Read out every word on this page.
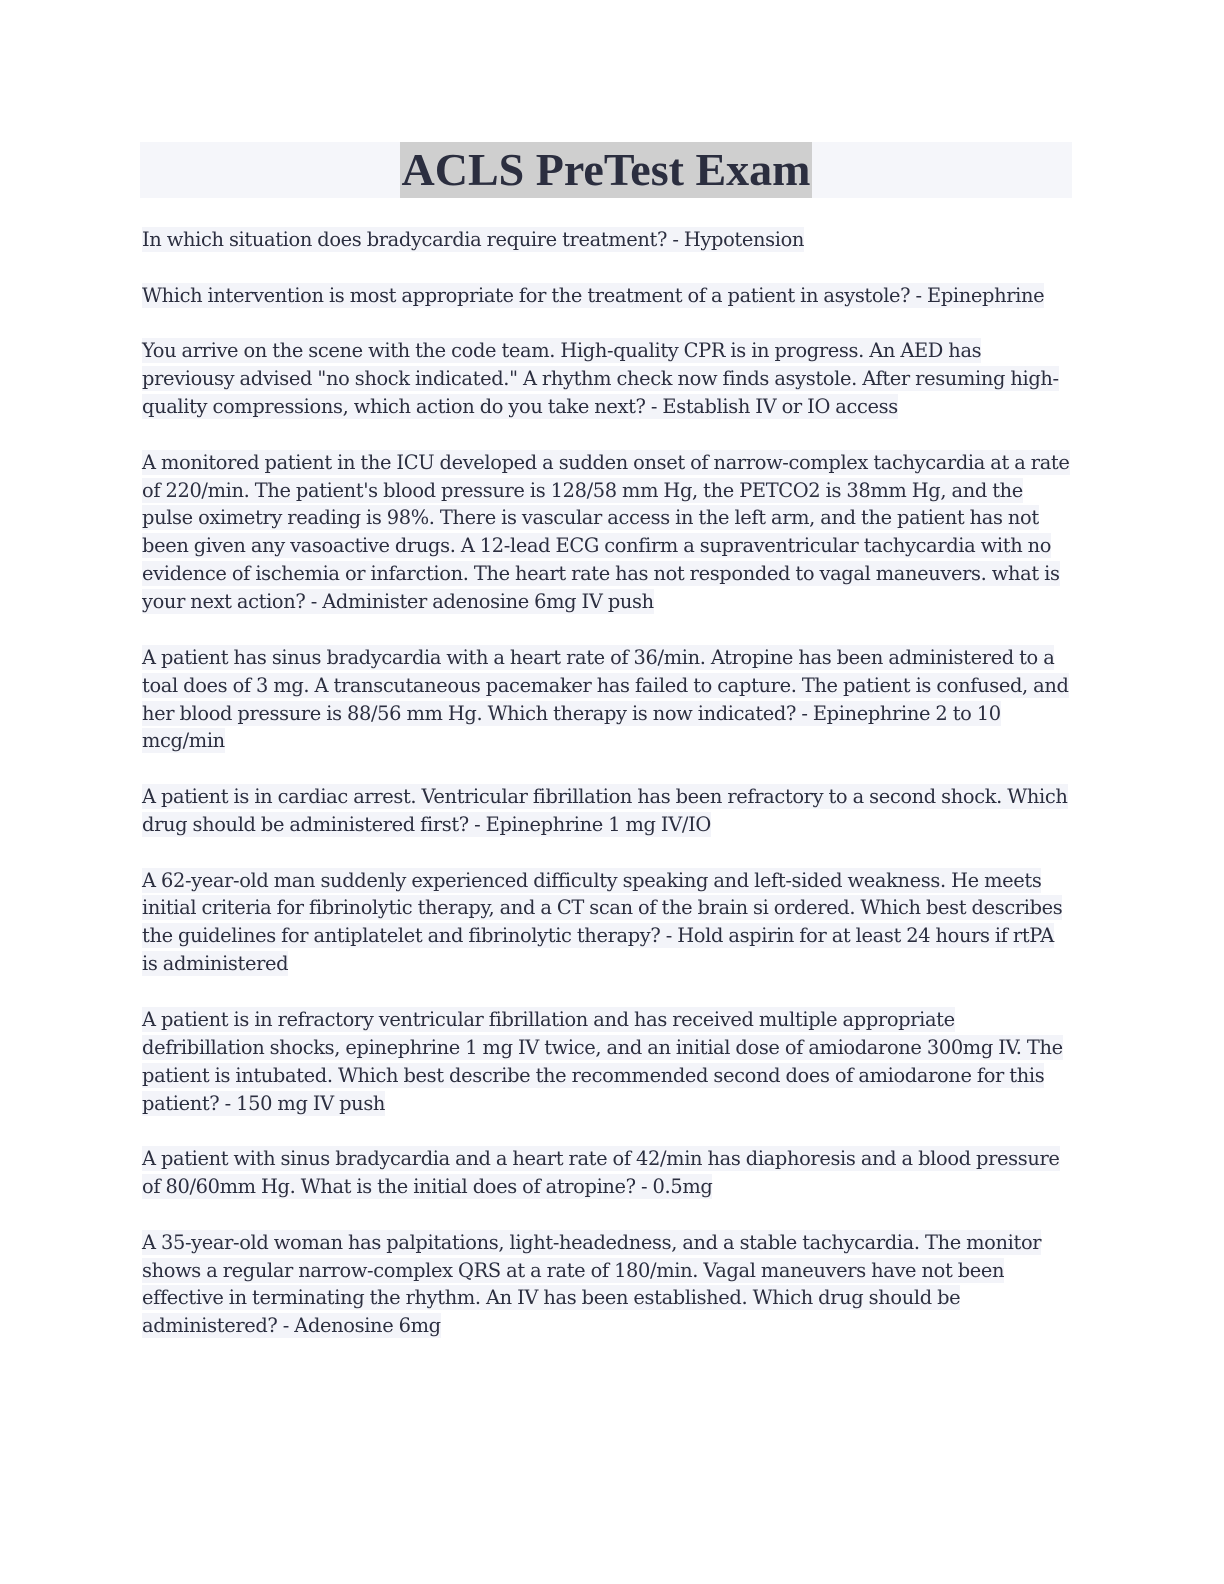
ACLS PreTest Exam

In which situation does bradycardia require treatment? - Hypotension

Which intervention is most appropriate for the treatment of a patient in asystole? - Epinephrine

You arrive on the scene with the code team. High-quality CPR is in progress. An AED has previousy advised "no shock indicated." A rhythm check now finds asystole. After resuming high-quality compressions, which action do you take next? - Establish IV or IO access

A monitored patient in the ICU developed a sudden onset of narrow-complex tachycardia at a rate of 220/min. The patient's blood pressure is 128/58 mm Hg, the PETCO2 is 38mm Hg, and the pulse oximetry reading is 98%. There is vascular access in the left arm, and the patient has not been given any vasoactive drugs. A 12-lead ECG confirm a supraventricular tachycardia with no evidence of ischemia or infarction. The heart rate has not responded to vagal maneuvers. what is your next action? - Administer adenosine 6mg IV push

A patient has sinus bradycardia with a heart rate of 36/min. Atropine has been administered to a toal does of 3 mg. A transcutaneous pacemaker has failed to capture. The patient is confused, and her blood pressure is 88/56 mm Hg. Which therapy is now indicated? - Epinephrine 2 to 10 mcg/min

A patient is in cardiac arrest. Ventricular fibrillation has been refractory to a second shock. Which drug should be administered first? - Epinephrine 1 mg IV/IO

A 62-year-old man suddenly experienced difficulty speaking and left-sided weakness. He meets initial criteria for fibrinolytic therapy, and a CT scan of the brain si ordered. Which best describes the guidelines for antiplatelet and fibrinolytic therapy? - Hold aspirin for at least 24 hours if rtPA is administered

A patient is in refractory ventricular fibrillation and has received multiple appropriate defribillation shocks, epinephrine 1 mg IV twice, and an initial dose of amiodarone 300mg IV. The patient is intubated. Which best describe the recommended second does of amiodarone for this patient? - 150 mg IV push

A patient with sinus bradycardia and a heart rate of 42/min has diaphoresis and a blood pressure of 80/60mm Hg. What is the initial does of atropine? - 0.5mg

A 35-year-old woman has palpitations, light-headedness, and a stable tachycardia. The monitor shows a regular narrow-complex QRS at a rate of 180/min. Vagal maneuvers have not been effective in terminating the rhythm. An IV has been established. Which drug should be administered? - Adenosine 6mg
